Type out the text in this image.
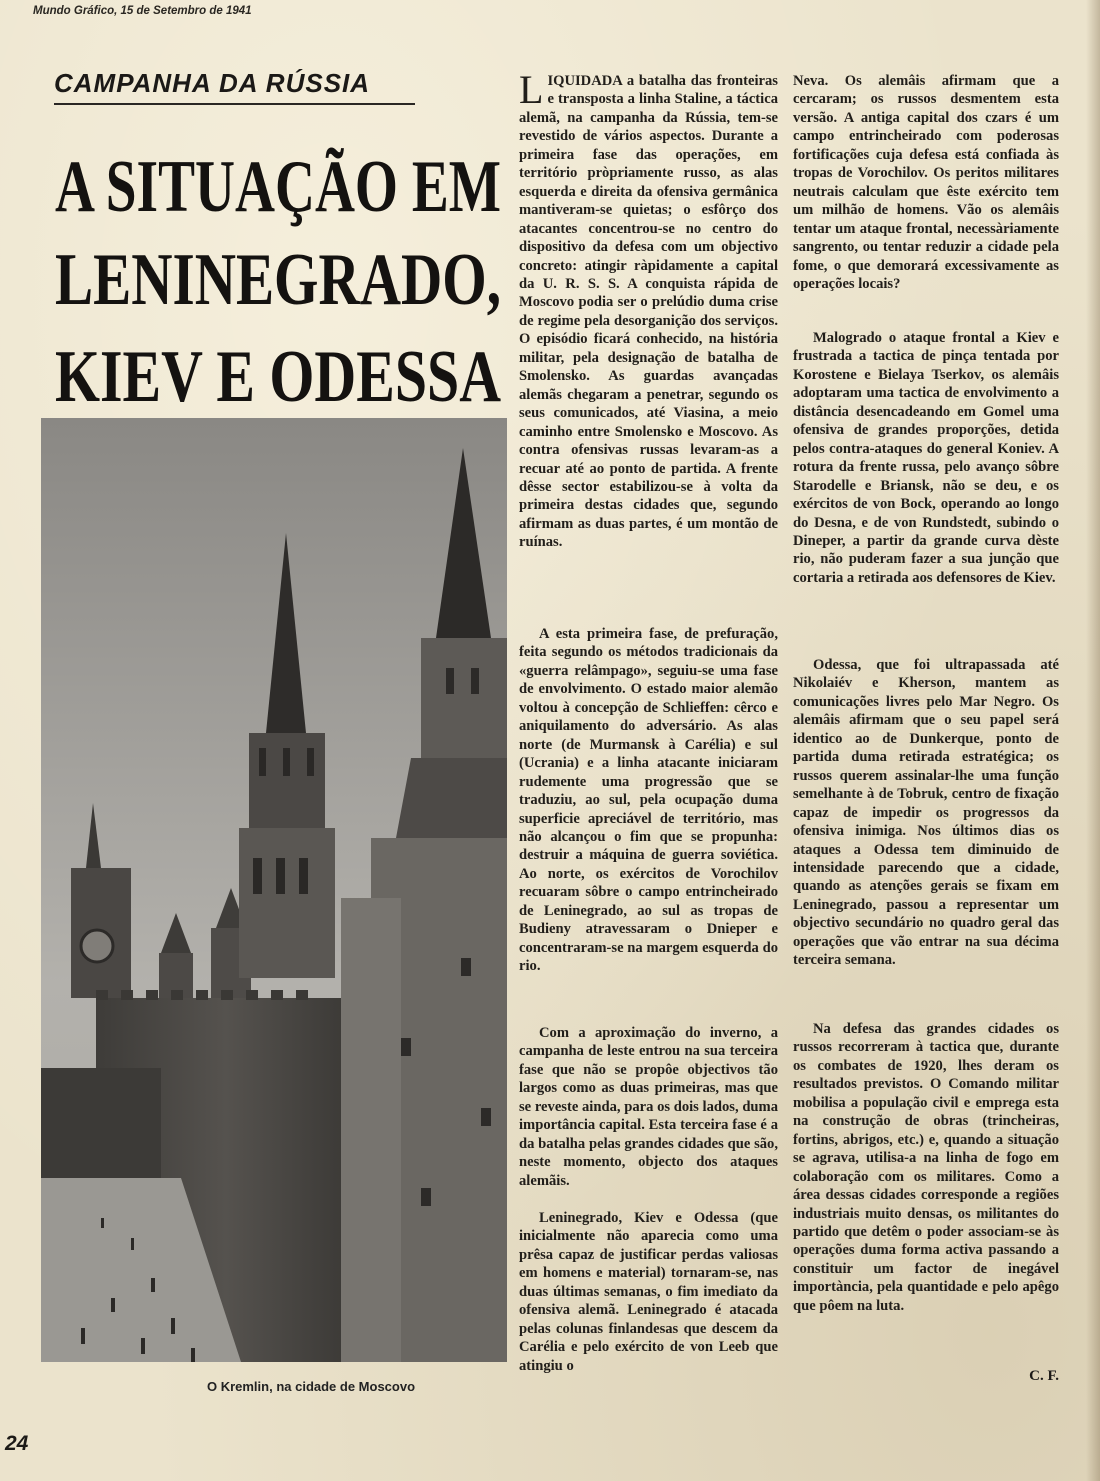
Mundo Gráfico, 15 de Setembro de 1941
CAMPANHA DA RÚSSIA
A SITUAÇÃO EM
LENINEGRADO,
KIEV E ODESSA
O Kremlin, na cidade de Moscovo
24
LIQUIDADA a batalha das fronteiras e transposta a linha Staline, a táctica alemã, na campanha da Rússia, tem-se revestido de vários aspectos. Durante a primeira fase das operações, em território pròpriamente russo, as alas esquerda e direita da ofensiva germânica mantiveram-se quietas; o esfôrço dos atacantes concentrou-se no centro do dispositivo da defesa com um objectivo concreto: atingir ràpidamente a capital da U. R. S. S. A conquista rápida de Moscovo podia ser o prelúdio duma crise de regime pela desorganição dos serviços. O episódio ficará conhecido, na história militar, pela designação de batalha de Smolensko. As guardas avançadas alemãs chegaram a penetrar, segundo os seus comunicados, até Viasina, a meio caminho entre Smolensko e Moscovo. As contra ofensivas russas levaram-as a recuar até ao ponto de partida. A frente dêsse sector estabilizou-se à volta da primeira destas cidades que, segundo afirmam as duas partes, é um montão de ruínas.
A esta primeira fase, de prefuração, feita segundo os métodos tradicionais da «guerra relâmpago», seguiu-se uma fase de envolvimento. O estado maior alemão voltou à concepção de Schlieffen: cêrco e aniquilamento do adversário. As alas norte (de Murmansk à Carélia) e sul (Ucrania) e a linha atacante iniciaram rudemente uma progressão que se traduziu, ao sul, pela ocupação duma superficie apreciável de território, mas não alcançou o fim que se propunha: destruir a máquina de guerra soviética. Ao norte, os exércitos de Vorochilov recuaram sôbre o campo entrincheirado de Leninegrado, ao sul as tropas de Budieny atravessaram o Dnieper e concentraram-se na margem esquerda do rio.
Com a aproximação do inverno, a campanha de leste entrou na sua terceira fase que não se propôe objectivos tão largos como as duas primeiras, mas que se reveste ainda, para os dois lados, duma importância capital. Esta terceira fase é a da batalha pelas grandes cidades que são, neste momento, objecto dos ataques alemãis.
Leninegrado, Kiev e Odessa (que inicialmente não aparecia como uma prêsa capaz de justificar perdas valiosas em homens e material) tornaram-se, nas duas últimas semanas, o fim imediato da ofensiva alemã. Leninegrado é atacada pelas colunas finlandesas que descem da Carélia e pelo exército de von Leeb que atingiu o
Neva. Os alemâis afirmam que a cercaram; os russos desmentem esta versão. A antiga capital dos czars é um campo entrincheirado com poderosas fortificações cuja defesa está confiada às tropas de Vorochilov. Os peritos militares neutrais calculam que êste exército tem um milhão de homens. Vão os alemâis tentar um ataque frontal, necessàriamente sangrento, ou tentar reduzir a cidade pela fome, o que demorará excessivamente as operações locais?
Malogrado o ataque frontal a Kiev e frustrada a tactica de pinça tentada por Korostene e Bielaya Tserkov, os alemâis adoptaram uma tactica de envolvimento a distância desencadeando em Gomel uma ofensiva de grandes proporções, detida pelos contra-ataques do general Koniev. A rotura da frente russa, pelo avanço sôbre Starodelle e Briansk, não se deu, e os exércitos de von Bock, operando ao longo do Desna, e de von Rundstedt, subindo o Dineper, a partir da grande curva dèste rio, não puderam fazer a sua junção que cortaria a retirada aos defensores de Kiev.
Odessa, que foi ultrapassada até Nikolaiév e Kherson, mantem as comunicações livres pelo Mar Negro. Os alemâis afirmam que o seu papel será identico ao de Dunkerque, ponto de partida duma retirada estratégica; os russos querem assinalar-lhe uma função semelhante à de Tobruk, centro de fixação capaz de impedir os progressos da ofensiva inimiga. Nos últimos dias os ataques a Odessa tem diminuido de intensidade parecendo que a cidade, quando as atenções gerais se fixam em Leninegrado, passou a representar um objectivo secundário no quadro geral das operações que vão entrar na sua décima terceira semana.
Na defesa das grandes cidades os russos recorreram à tactica que, durante os combates de 1920, lhes deram os resultados previstos. O Comando militar mobilisa a população civil e emprega esta na construção de obras (trincheiras, fortins, abrigos, etc.) e, quando a situação se agrava, utilisa-a na linha de fogo em colaboração com os militares. Como a área dessas cidades corresponde a regiões industriais muito densas, os militantes do partido que detêm o poder associam-se às operações duma forma activa passando a constituir um factor de inegável importància, pela quantidade e pelo apêgo que pôem na luta.
C. F.
